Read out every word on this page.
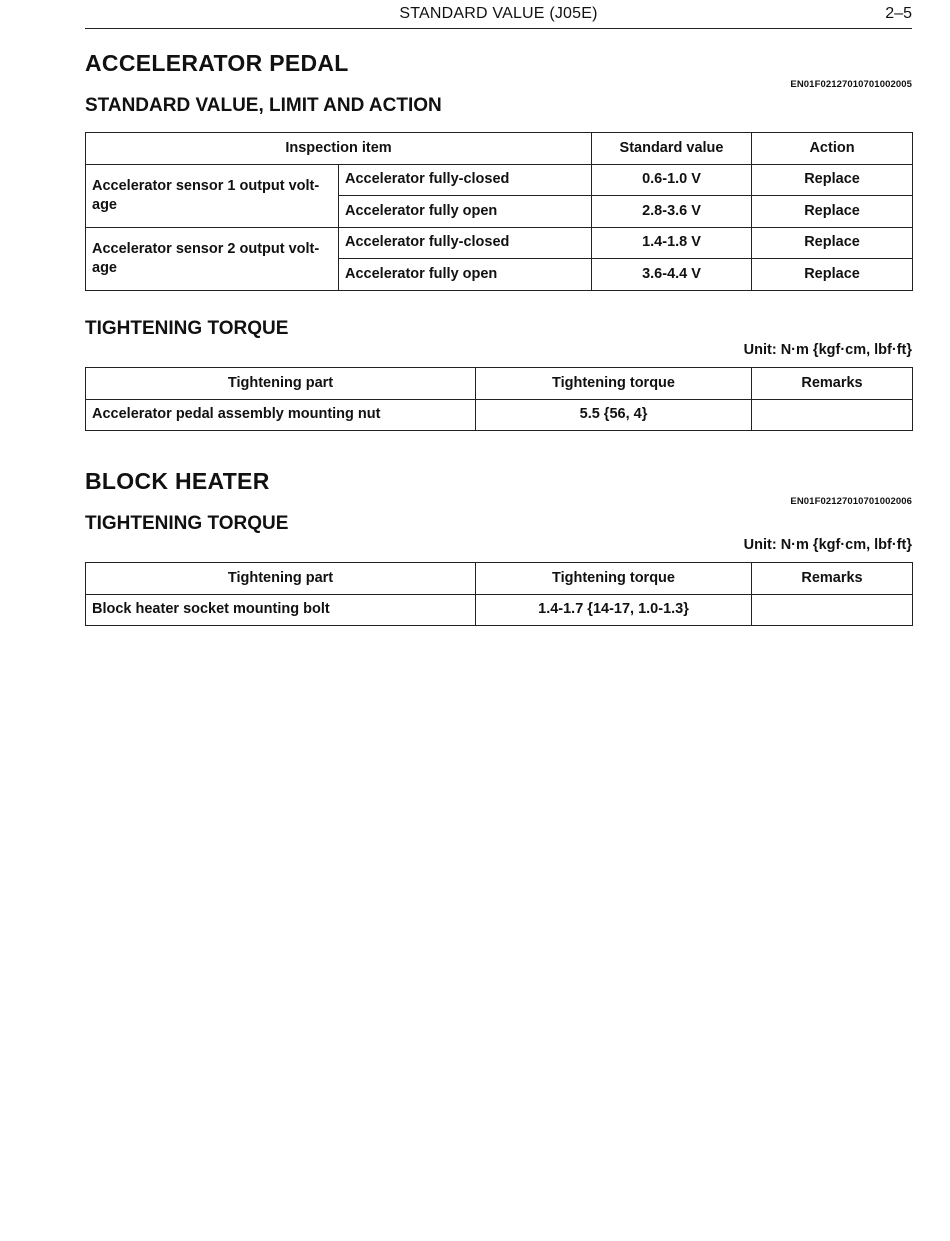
STANDARD VALUE (J05E)	2–5
ACCELERATOR PEDAL
EN01F02127010701002005
STANDARD VALUE, LIMIT AND ACTION
Inspection item		Standard value	Action
Accelerator sensor 1 output volt-age	Accelerator fully-closed	0.6-1.0 V	Replace
	Accelerator fully open	2.8-3.6 V	Replace
Accelerator sensor 2 output volt-age	Accelerator fully-closed	1.4-1.8 V	Replace
	Accelerator fully open	3.6-4.4 V	Replace
TIGHTENING TORQUE
Unit: N·m {kgf·cm, lbf·ft}
Tightening part	Tightening torque	Remarks
Accelerator pedal assembly mounting nut	5.5 {56, 4}	
BLOCK HEATER
EN01F02127010701002006
TIGHTENING TORQUE
Unit: N·m {kgf·cm, lbf·ft}
Tightening part	Tightening torque	Remarks
Block heater socket mounting bolt	1.4-1.7 {14-17, 1.0-1.3}	
